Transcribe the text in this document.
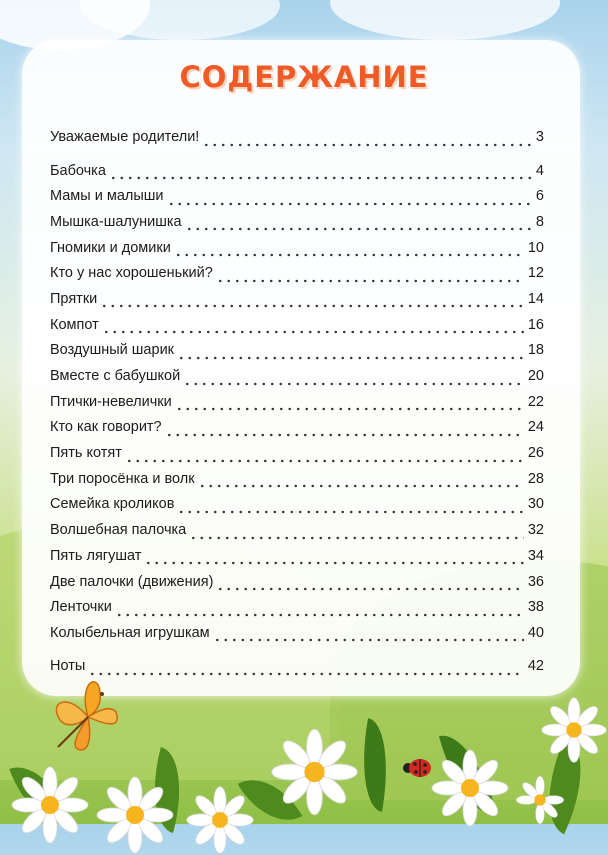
СОДЕРЖАНИЕ
Уважаемые родители!	3
Бабочка	4
Мамы и малыши	6
Мышка-шалунишка	8
Гномики и домики	10
Кто у нас хорошенький?	12
Прятки	14
Компот	16
Воздушный шарик	18
Вместе с бабушкой	20
Птички-невелички	22
Кто как говорит?	24
Пять котят	26
Три поросёнка и волк	28
Семейка кроликов	30
Волшебная палочка	32
Пять лягушат	34
Две палочки (движения)	36
Ленточки	38
Колыбельная игрушкам	40
Ноты	42
